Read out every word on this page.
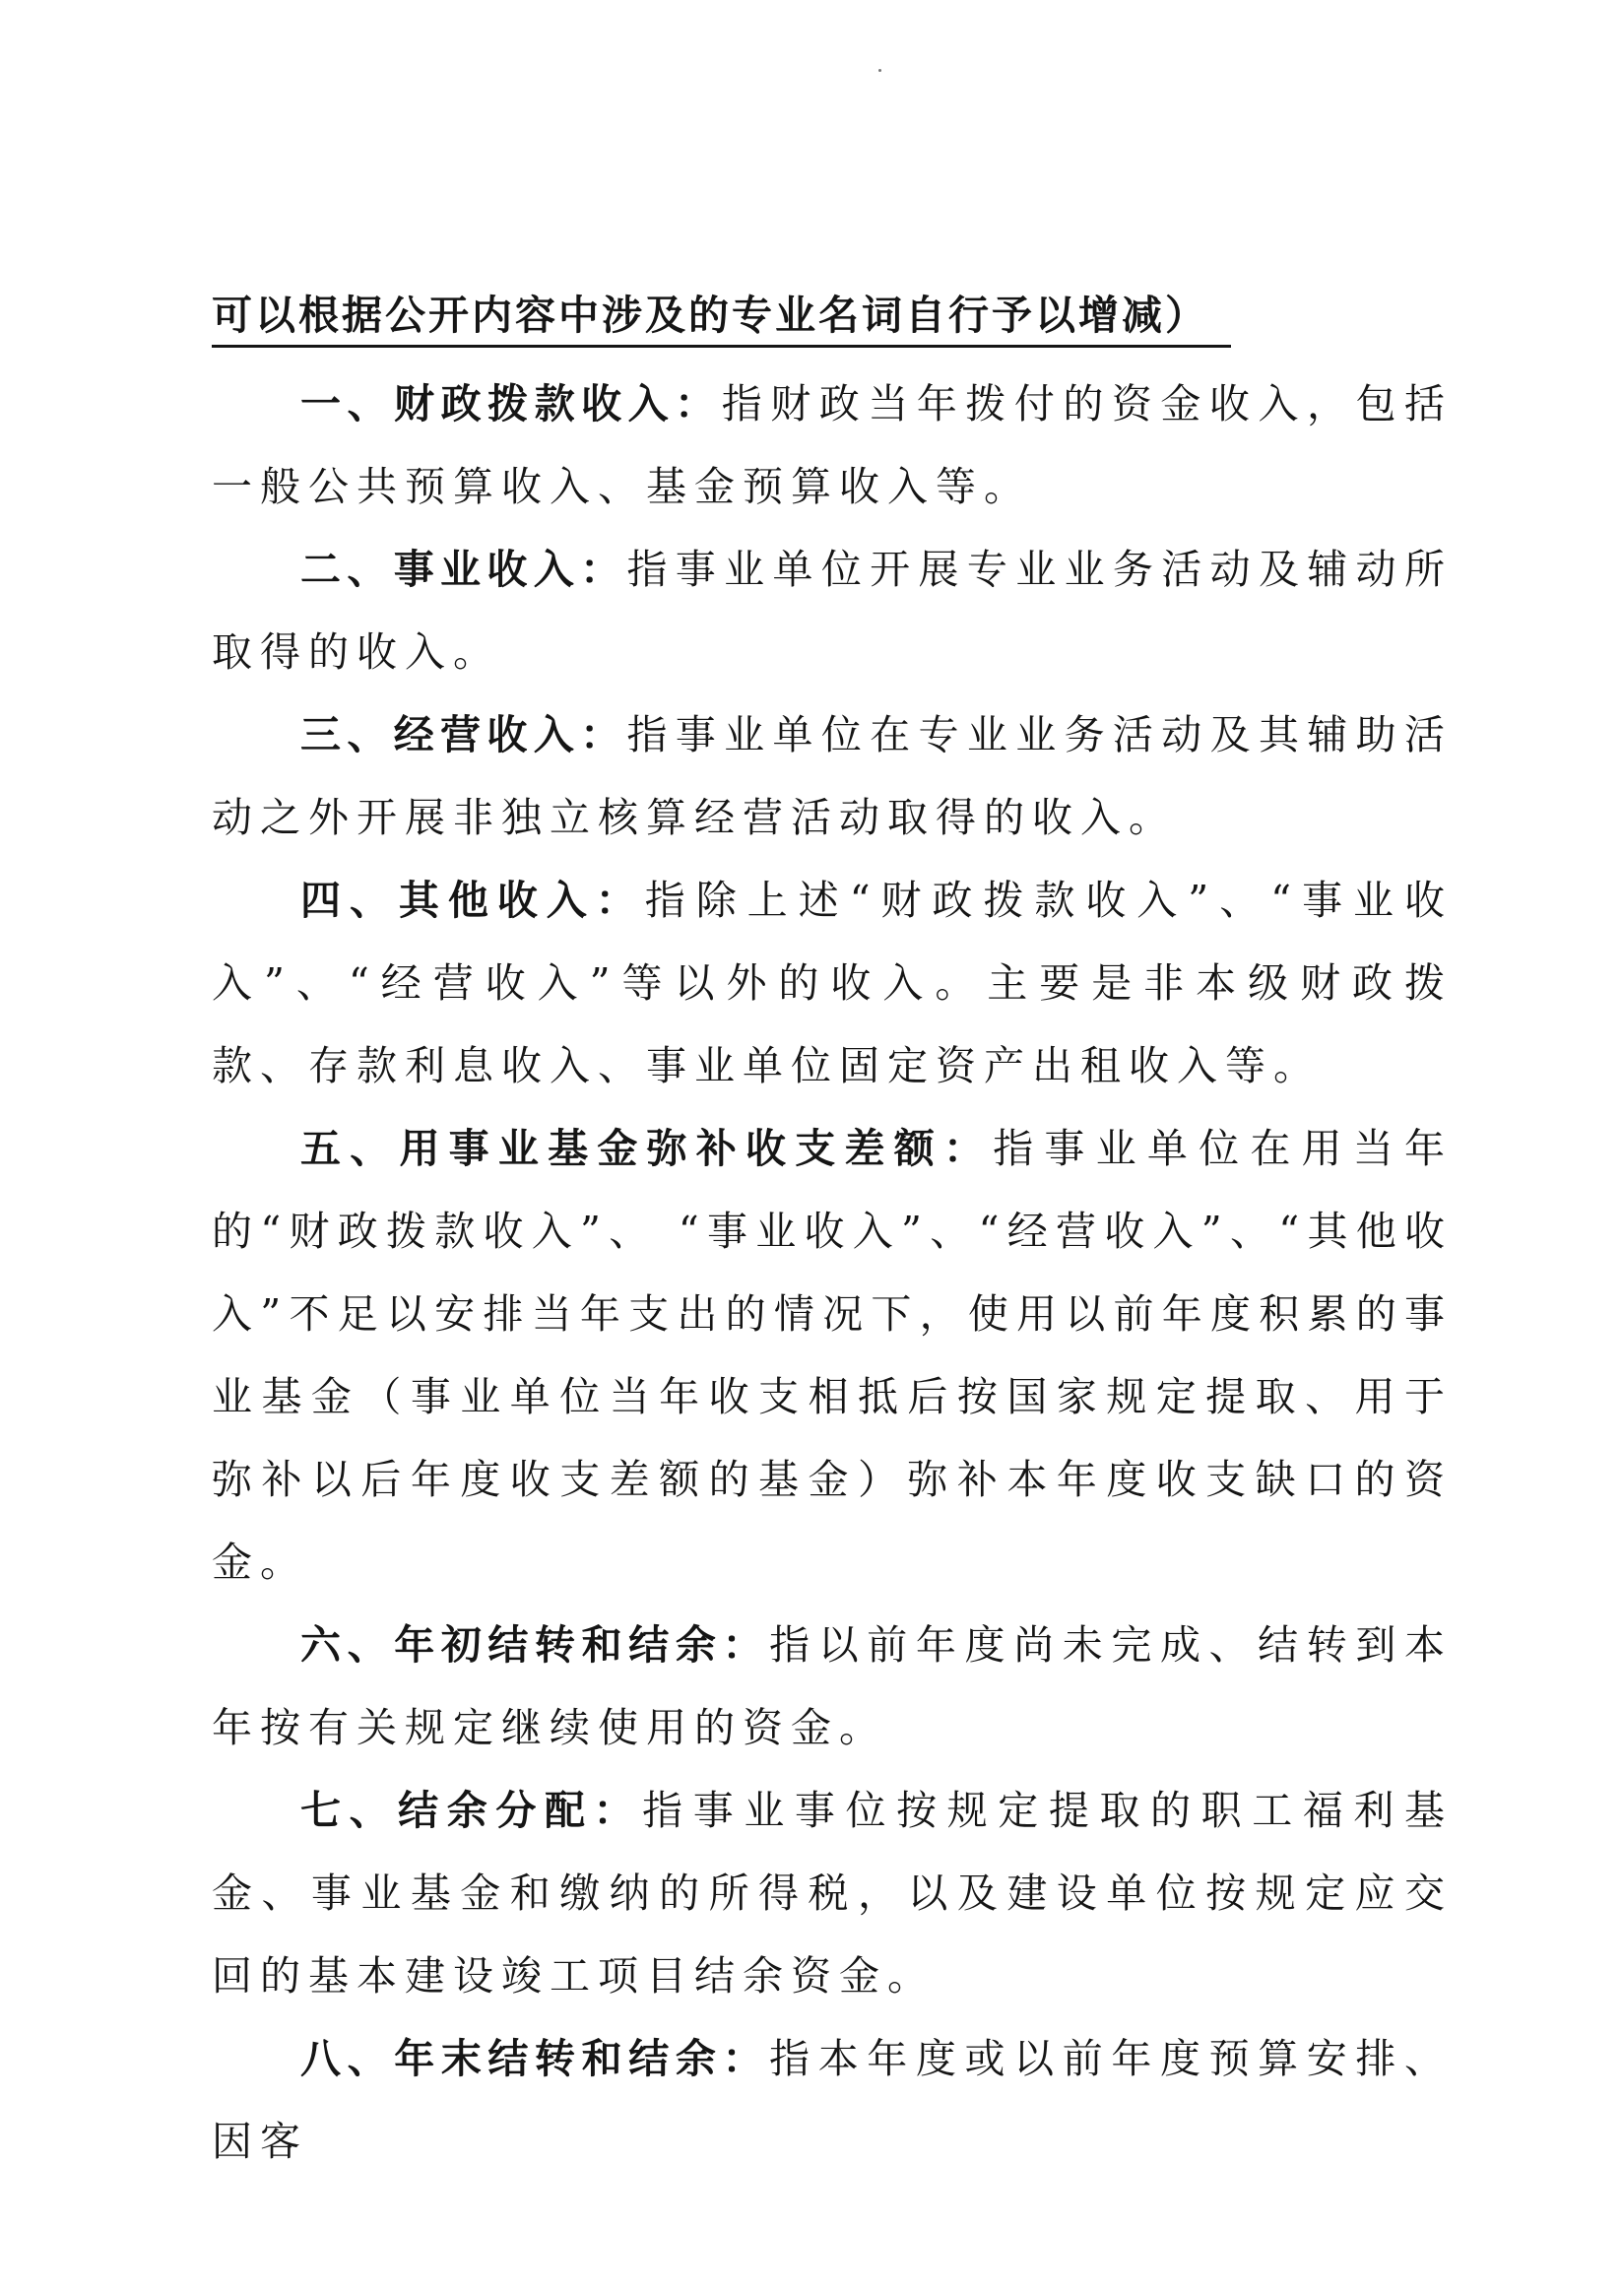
可以根据公开内容中涉及的专业名词自行予以增减）

一、财政拨款收入：指财政当年拨付的资金收入，包括一般公共预算收入、基金预算收入等。

二、事业收入：指事业单位开展专业业务活动及辅动所取得的收入。

三、经营收入：指事业单位在专业业务活动及其辅助活动之外开展非独立核算经营活动取得的收入。

四、其他收入：指除上述“财政拨款收入”、“事业收入”、“经营收入”等以外的收入。主要是非本级财政拨款、存款利息收入、事业单位固定资产出租收入等。

五、用事业基金弥补收支差额：指事业单位在用当年的“财政拨款收入”、 “事业收入”、“经营收入”、“其他收入”不足以安排当年支出的情况下，使用以前年度积累的事业基金（事业单位当年收支相抵后按国家规定提取、用于弥补以后年度收支差额的基金）弥补本年度收支缺口的资金。

六、年初结转和结余：指以前年度尚未完成、结转到本年按有关规定继续使用的资金。

七、结余分配：指事业事位按规定提取的职工福利基金、事业基金和缴纳的所得税，以及建设单位按规定应交回的基本建设竣工项目结余资金。

八、年末结转和结余：指本年度或以前年度预算安排、因客
